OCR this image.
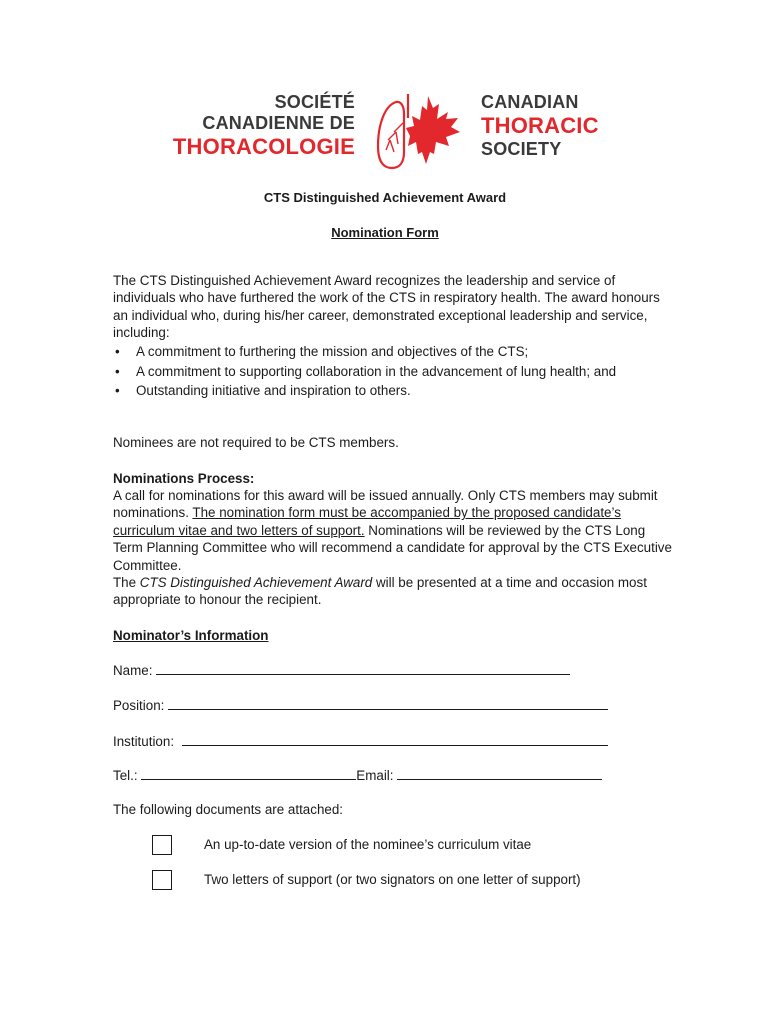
SOCIÉTÉ
CANADIENNE DE
THORACOLOGIE
CANADIAN
THORACIC
SOCIETY
CTS Distinguished Achievement Award
Nomination Form
The CTS Distinguished Achievement Award recognizes the leadership and service of individuals who have furthered the work of the CTS in respiratory health. The award honours an individual who, during his/her career, demonstrated exceptional leadership and service, including:
• A commitment to furthering the mission and objectives of the CTS;
• A commitment to supporting collaboration in the advancement of lung health; and
• Outstanding initiative and inspiration to others.
Nominees are not required to be CTS members.
Nominations Process:
A call for nominations for this award will be issued annually. Only CTS members may submit nominations. The nomination form must be accompanied by the proposed candidate’s curriculum vitae and two letters of support. Nominations will be reviewed by the CTS Long Term Planning Committee who will recommend a candidate for approval by the CTS Executive Committee.
The CTS Distinguished Achievement Award will be presented at a time and occasion most appropriate to honour the recipient.
Nominator’s Information
Name:
Position:
Institution:
Tel.:	Email:
The following documents are attached:
An up-to-date version of the nominee’s curriculum vitae
Two letters of support (or two signators on one letter of support)
